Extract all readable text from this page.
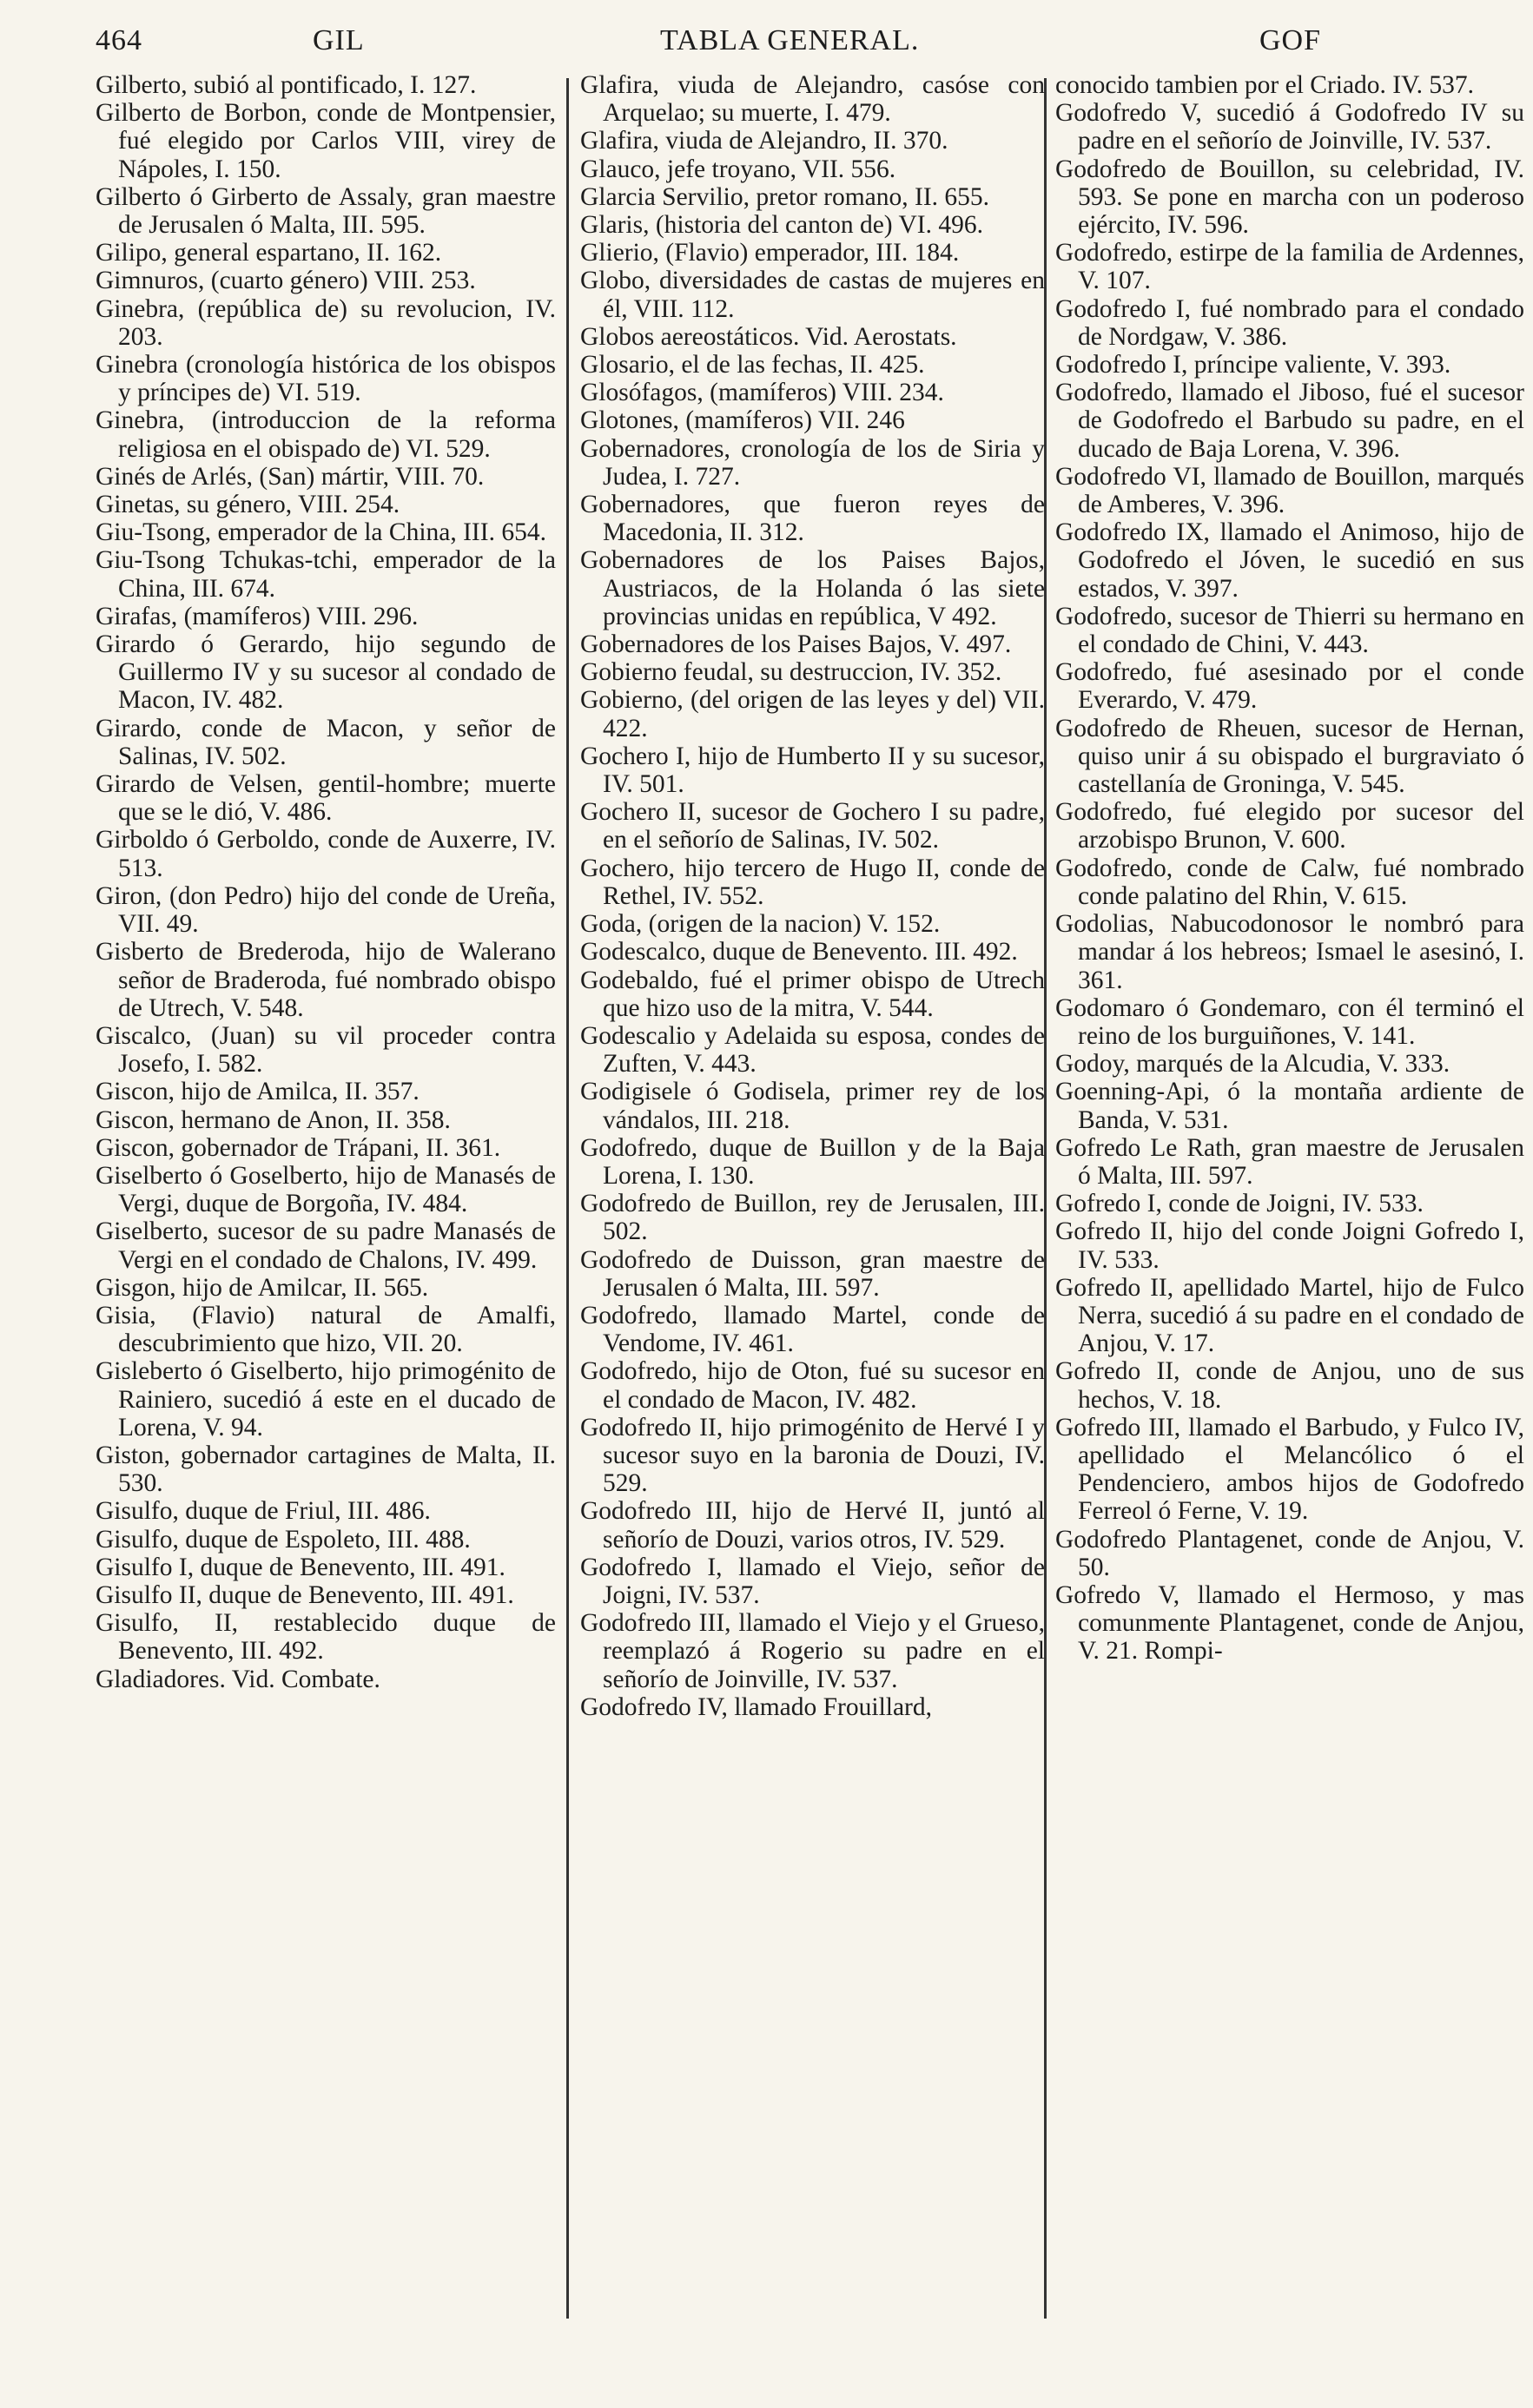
464	GIL	TABLA GENERAL.	GOF

Gilberto, subió al pontificado, I. 127.

Gilberto de Borbon, conde de Montpensier, fué elegido por Carlos VIII, virey de Nápoles, I. 150.

Gilberto ó Girberto de Assaly, gran maestre de Jerusalen ó Malta, III. 595.

Gilipo, general espartano, II. 162.

Gimnuros, (cuarto género) VIII. 253.

Ginebra, (república de) su revolucion, IV. 203.

Ginebra (cronología histórica de los obispos y príncipes de) VI. 519.

Ginebra, (introduccion de la reforma religiosa en el obispado de) VI. 529.

Ginés de Arlés, (San) mártir, VIII. 70.

Ginetas, su género, VIII. 254.

Giu-Tsong, emperador de la China, III. 654.

Giu-Tsong Tchukas-tchi, emperador de la China, III. 674.

Girafas, (mamíferos) VIII. 296.

Girardo ó Gerardo, hijo segundo de Guillermo IV y su sucesor al condado de Macon, IV. 482.

Girardo, conde de Macon, y señor de Salinas, IV. 502.

Girardo de Velsen, gentil-hombre; muerte que se le dió, V. 486.

Girboldo ó Gerboldo, conde de Auxerre, IV. 513.

Giron, (don Pedro) hijo del conde de Ureña, VII. 49.

Gisberto de Brederoda, hijo de Walerano señor de Braderoda, fué nombrado obispo de Utrech, V. 548.

Giscalco, (Juan) su vil proceder contra Josefo, I. 582.

Giscon, hijo de Amilca, II. 357.

Giscon, hermano de Anon, II. 358.

Giscon, gobernador de Trápani, II. 361.

Giselberto ó Goselberto, hijo de Manasés de Vergi, duque de Borgoña, IV. 484.

Giselberto, sucesor de su padre Manasés de Vergi en el condado de Chalons, IV. 499.

Gisgon, hijo de Amilcar, II. 565.

Gisia, (Flavio) natural de Amalfi, descubrimiento que hizo, VII. 20.

Gisleberto ó Giselberto, hijo primogénito de Rainiero, sucedió á este en el ducado de Lorena, V. 94.

Giston, gobernador cartagines de Malta, II. 530.

Gisulfo, duque de Friul, III. 486.

Gisulfo, duque de Espoleto, III. 488.

Gisulfo I, duque de Benevento, III. 491.

Gisulfo II, duque de Benevento, III. 491.

Gisulfo, II, restablecido duque de Benevento, III. 492.

Gladiadores. Vid. Combate.

Glafira, viuda de Alejandro, casóse con Arquelao; su muerte, I. 479.

Glafira, viuda de Alejandro, II. 370.

Glauco, jefe troyano, VII. 556.

Glarcia Servilio, pretor romano, II. 655.

Glaris, (historia del canton de) VI. 496.

Glierio, (Flavio) emperador, III. 184.

Globo, diversidades de castas de mujeres en él, VIII. 112.

Globos aereostáticos. Vid. Aerostats.

Glosario, el de las fechas, II. 425.

Glosófagos, (mamíferos) VIII. 234.

Glotones, (mamíferos) VII. 246

Gobernadores, cronología de los de Siria y Judea, I. 727.

Gobernadores, que fueron reyes de Macedonia, II. 312.

Gobernadores de los Paises Bajos, Austriacos, de la Holanda ó las siete provincias unidas en república, V 492.

Gobernadores de los Paises Bajos, V. 497.

Gobierno feudal, su destruccion, IV. 352.

Gobierno, (del origen de las leyes y del) VII. 422.

Gochero I, hijo de Humberto II y su sucesor, IV. 501.

Gochero II, sucesor de Gochero I su padre, en el señorío de Salinas, IV. 502.

Gochero, hijo tercero de Hugo II, conde de Rethel, IV. 552.

Goda, (origen de la nacion) V. 152.

Godescalco, duque de Benevento. III. 492.

Godebaldo, fué el primer obispo de Utrech que hizo uso de la mitra, V. 544.

Godescalio y Adelaida su esposa, condes de Zuften, V. 443.

Godigisele ó Godisela, primer rey de los vándalos, III. 218.

Godofredo, duque de Buillon y de la Baja Lorena, I. 130.

Godofredo de Buillon, rey de Jerusalen, III. 502.

Godofredo de Duisson, gran maestre de Jerusalen ó Malta, III. 597.

Godofredo, llamado Martel, conde de Vendome, IV. 461.

Godofredo, hijo de Oton, fué su sucesor en el condado de Macon, IV. 482.

Godofredo II, hijo primogénito de Hervé I y sucesor suyo en la baronia de Douzi, IV. 529.

Godofredo III, hijo de Hervé II, juntó al señorío de Douzi, varios otros, IV. 529.

Godofredo I, llamado el Viejo, señor de Joigni, IV. 537.

Godofredo III, llamado el Viejo y el Grueso, reemplazó á Rogerio su padre en el señorío de Joinville, IV. 537.

Godofredo IV, llamado Frouillard,

conocido tambien por el Criado. IV. 537.

Godofredo V, sucedió á Godofredo IV su padre en el señorío de Joinville, IV. 537.

Godofredo de Bouillon, su celebridad, IV. 593. Se pone en marcha con un poderoso ejército, IV. 596.

Godofredo, estirpe de la familia de Ardennes, V. 107.

Godofredo I, fué nombrado para el condado de Nordgaw, V. 386.

Godofredo I, príncipe valiente, V. 393.

Godofredo, llamado el Jiboso, fué el sucesor de Godofredo el Barbudo su padre, en el ducado de Baja Lorena, V. 396.

Godofredo VI, llamado de Bouillon, marqués de Amberes, V. 396.

Godofredo IX, llamado el Animoso, hijo de Godofredo el Jóven, le sucedió en sus estados, V. 397.

Godofredo, sucesor de Thierri su hermano en el condado de Chini, V. 443.

Godofredo, fué asesinado por el conde Everardo, V. 479.

Godofredo de Rheuen, sucesor de Hernan, quiso unir á su obispado el burgraviato ó castellanía de Groninga, V. 545.

Godofredo, fué elegido por sucesor del arzobispo Brunon, V. 600.

Godofredo, conde de Calw, fué nombrado conde palatino del Rhin, V. 615.

Godolias, Nabucodonosor le nombró para mandar á los hebreos; Ismael le asesinó, I. 361.

Godomaro ó Gondemaro, con él terminó el reino de los burguiñones, V. 141.

Godoy, marqués de la Alcudia, V. 333.

Goenning-Api, ó la montaña ardiente de Banda, V. 531.

Gofredo Le Rath, gran maestre de Jerusalen ó Malta, III. 597.

Gofredo I, conde de Joigni, IV. 533.

Gofredo II, hijo del conde Joigni Gofredo I, IV. 533.

Gofredo II, apellidado Martel, hijo de Fulco Nerra, sucedió á su padre en el condado de Anjou, V. 17.

Gofredo II, conde de Anjou, uno de sus hechos, V. 18.

Gofredo III, llamado el Barbudo, y Fulco IV, apellidado el Melancólico ó el Pendenciero, ambos hijos de Godofredo Ferreol ó Ferne, V. 19.

Godofredo Plantagenet, conde de Anjou, V. 50.

Gofredo V, llamado el Hermoso, y mas comunmente Plantagenet, conde de Anjou, V. 21. Rompi-
